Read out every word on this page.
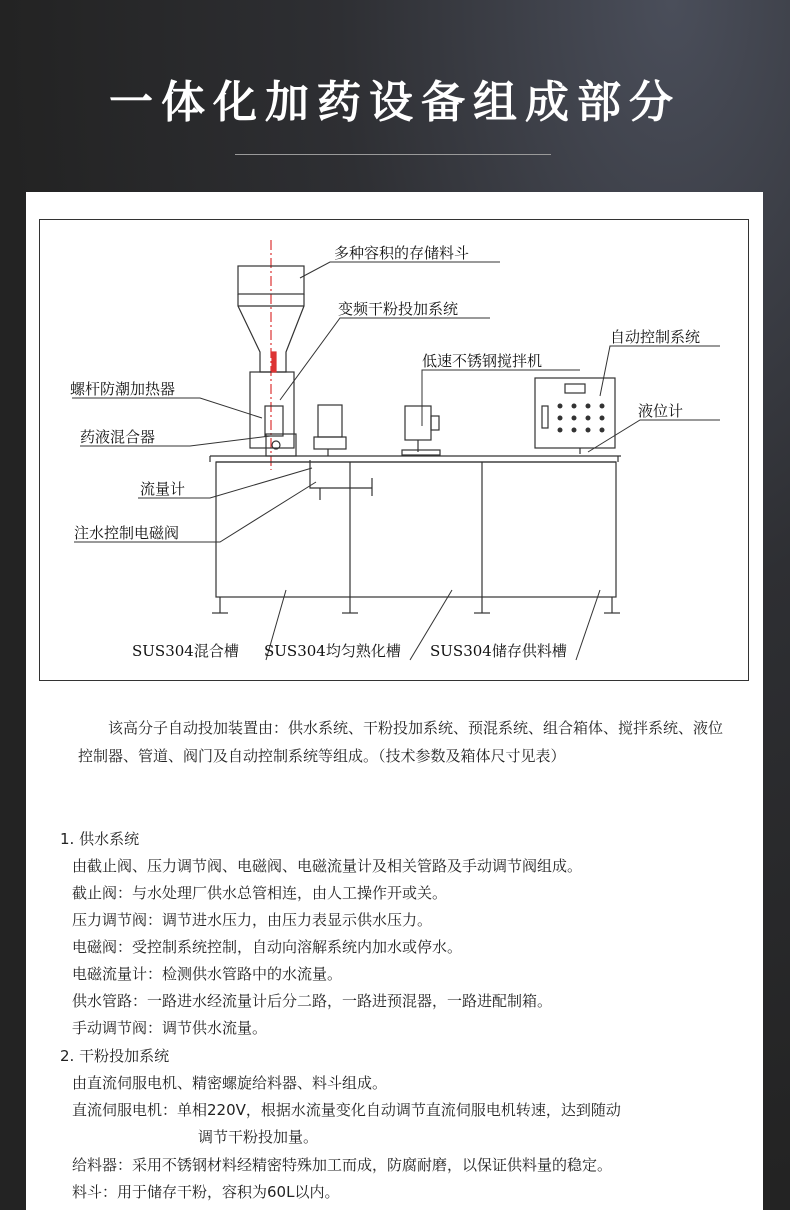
一体化加药设备组成部分
多种容积的存储料斗
变频干粉投加系统
自动控制系统
低速不锈钢搅拌机
螺杆防潮加热器
液位计
药液混合器
流量计
注水控制电磁阀
SUS304混合槽 SUS304均匀熟化槽 SUS304储存供料槽
该高分子自动投加装置由：供水系统、干粉投加系统、预混系统、组合箱体、搅拌系统、液位控制器、管道、阀门及自动控制系统等组成。（技术参数及箱体尺寸见表）
1. 供水系统
由截止阀、压力调节阀、电磁阀、电磁流量计及相关管路及手动调节阀组成。
截止阀：与水处理厂供水总管相连，由人工操作开或关。
压力调节阀：调节进水压力，由压力表显示供水压力。
电磁阀：受控制系统控制，自动向溶解系统内加水或停水。
电磁流量计：检测供水管路中的水流量。
供水管路：一路进水经流量计后分二路，一路进预混器，一路进配制箱。
手动调节阀：调节供水流量。
2. 干粉投加系统
由直流伺服电机、精密螺旋给料器、料斗组成。
直流伺服电机：单相220V，根据水流量变化自动调节直流伺服电机转速，达到随动
调节干粉投加量。
给料器：采用不锈钢材料经精密特殊加工而成，防腐耐磨，以保证供料量的稳定。
料斗：用于储存干粉，容积为60L以内。
